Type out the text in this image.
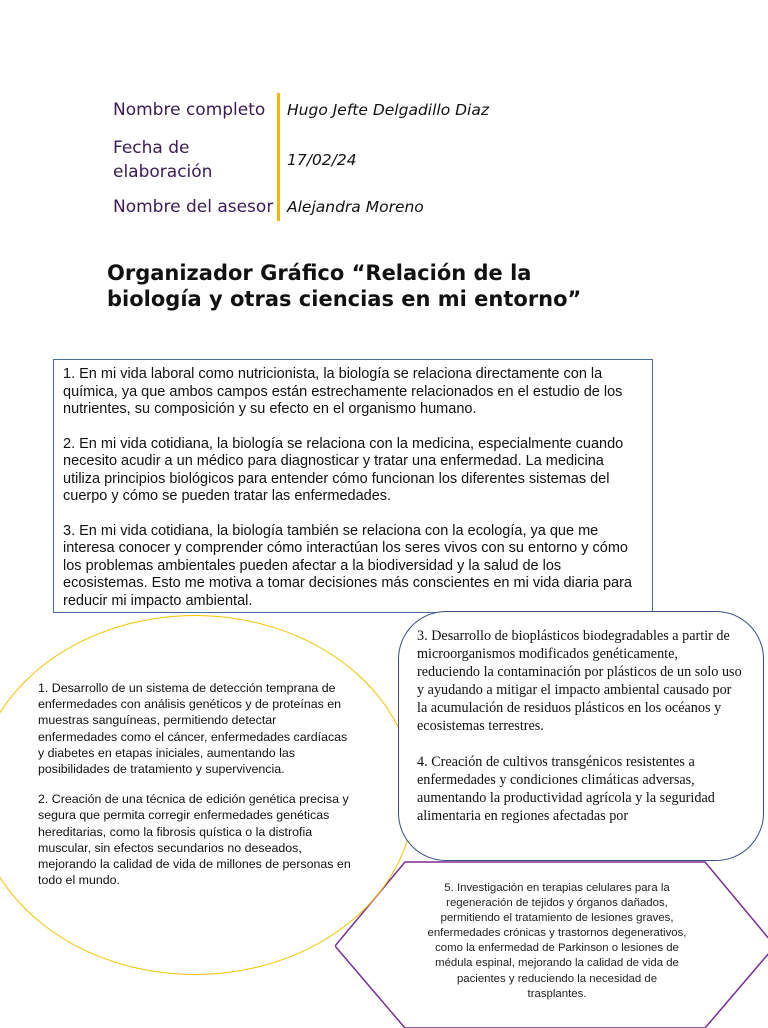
Nombre completo Hugo Jefte Delgadillo Diaz
Fecha de
elaboración
17/02/24
Nombre del asesor Alejandra Moreno
Organizador Gráfico “Relación de la
biología y otras ciencias en mi entorno”

1. En mi vida laboral como nutricionista, la biología se relaciona directamente con la química, ya que ambos campos están estrechamente relacionados en el estudio de los nutrientes, su composición y su efecto en el organismo humano.

2. En mi vida cotidiana, la biología se relaciona con la medicina, especialmente cuando necesito acudir a un médico para diagnosticar y tratar una enfermedad. La medicina utiliza principios biológicos para entender cómo funcionan los diferentes sistemas del cuerpo y cómo se pueden tratar las enfermedades.

3. En mi vida cotidiana, la biología también se relaciona con la ecología, ya que me interesa conocer y comprender cómo interactúan los seres vivos con su entorno y cómo los problemas ambientales pueden afectar a la biodiversidad y la salud de los ecosistemas. Esto me motiva a tomar decisiones más conscientes en mi vida diaria para reducir mi impacto ambiental.

5. Investigación en terapias celulares para la regeneración de tejidos y órganos dañados, permitiendo el tratamiento de lesiones graves, enfermedades crónicas y trastornos degenerativos, como la enfermedad de Parkinson o lesiones de médula espinal, mejorando la calidad de vida de pacientes y reduciendo la necesidad de trasplantes.

1. Desarrollo de un sistema de detección temprana de enfermedades con análisis genéticos y de proteínas en muestras sanguíneas, permitiendo detectar enfermedades como el cáncer, enfermedades cardíacas y diabetes en etapas iniciales, aumentando las posibilidades de tratamiento y supervivencia.

2. Creación de una técnica de edición genética precisa y segura que permita corregir enfermedades genéticas hereditarias, como la fibrosis quística o la distrofia muscular, sin efectos secundarios no deseados, mejorando la calidad de vida de millones de personas en todo el mundo.

3. Desarrollo de bioplásticos biodegradables a partir de microorganismos modificados genéticamente, reduciendo la contaminación por plásticos de un solo uso y ayudando a mitigar el impacto ambiental causado por la acumulación de residuos plásticos en los océanos y ecosistemas terrestres.

4. Creación de cultivos transgénicos resistentes a enfermedades y condiciones climáticas adversas, aumentando la productividad agrícola y la seguridad alimentaria en regiones afectadas por
